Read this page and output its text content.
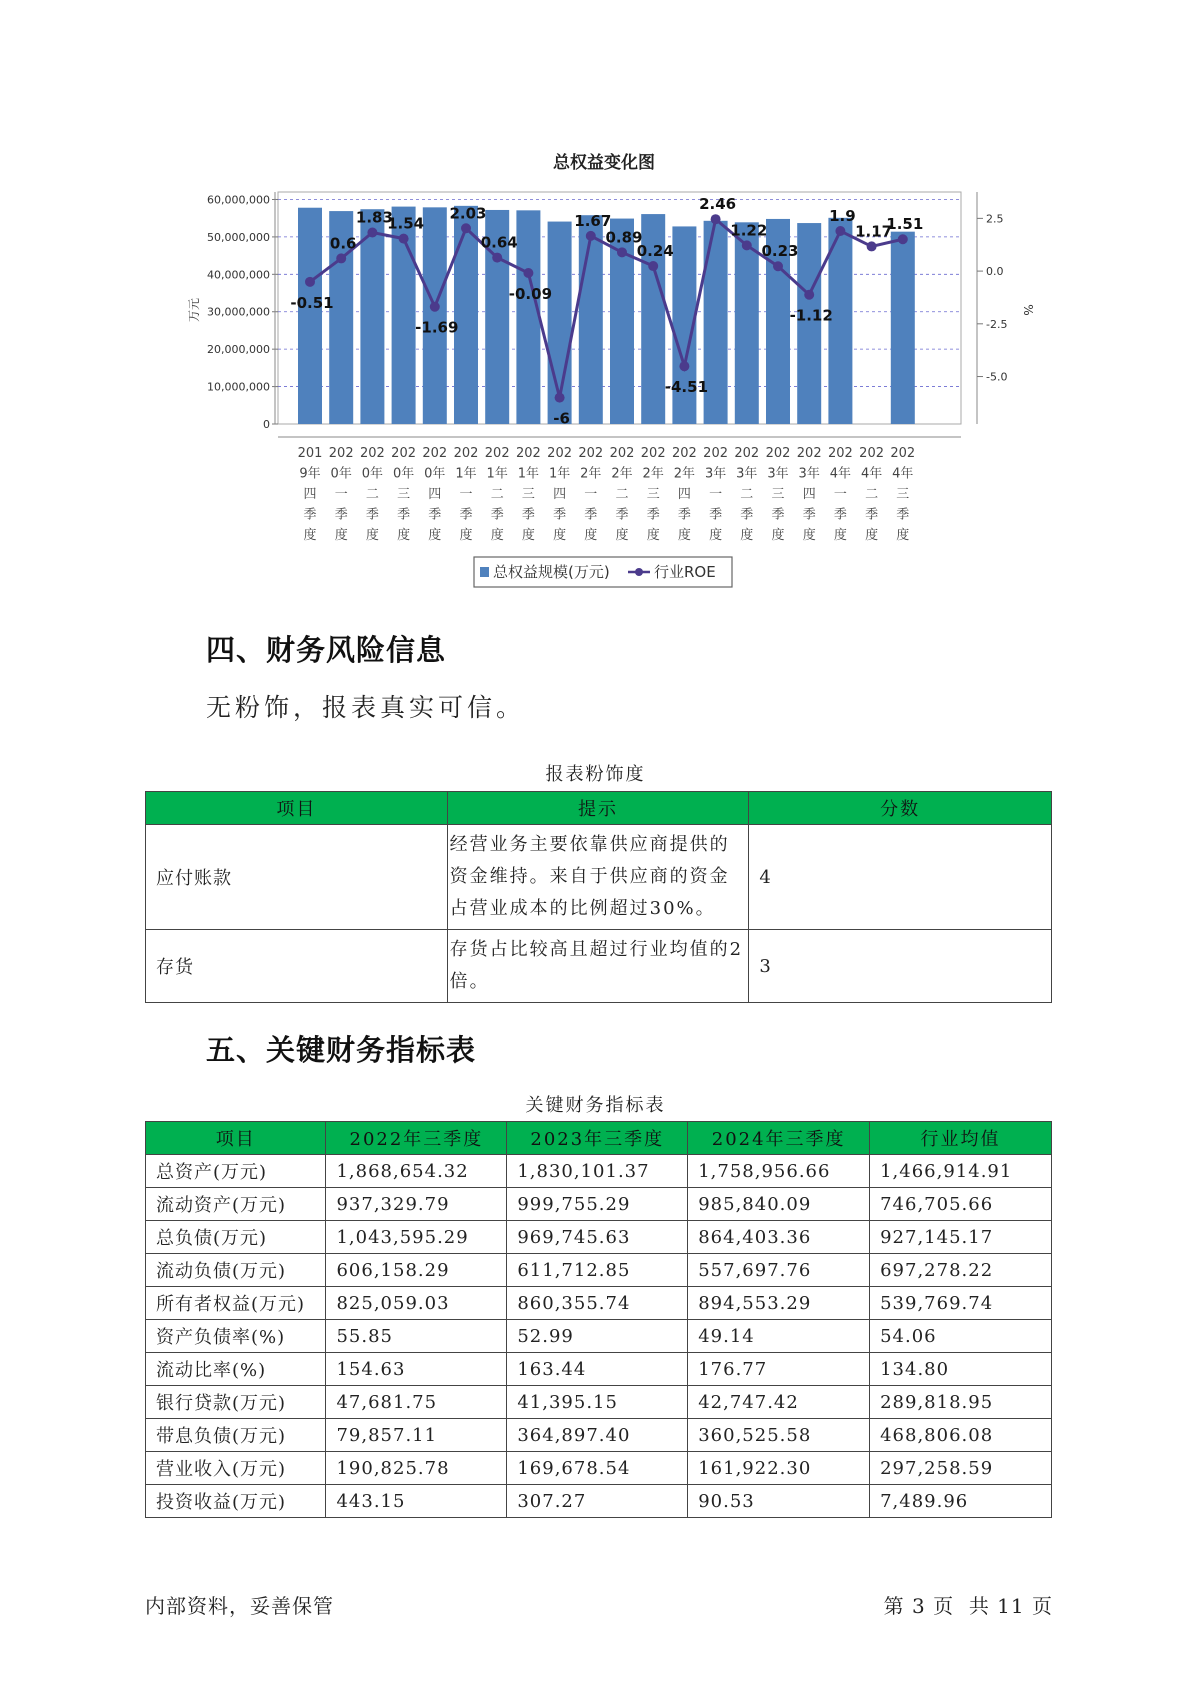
总权益变化图
60,000,000
50,000,000
40,000,000
30,000,000
20,000,000
10,000,000
0
2.5
0.0
-2.5
-5.0
万元	%
-0.51
0.6
1.83
1.54
-1.69
2.03
0.64
-0.09
-6
1.67
0.89
0.24
-4.51
2.46
1.22
0.23
-1.12
1.9
1.17
1.51
201
9年
四
季
度
202
0年
一
季
度
202
0年
二
季
度
202
0年
三
季
度
202
0年
四
季
度
202
1年
一
季
度
202
1年
二
季
度
202
1年
三
季
度
202
1年
四
季
度
202
2年
一
季
度
202
2年
二
季
度
202
2年
三
季
度
202
2年
四
季
度
202
3年
一
季
度
202
3年
二
季
度
202
3年
三
季
度
202
3年
四
季
度
202
4年
一
季
度
202
4年
二
季
度
202
4年
三
季
度
总权益规模(万元)	行业ROE
四、财务风险信息
无粉饰，报表真实可信。
报表粉饰度
项目	提示	分数
应付账款	经营业务主要依靠供应商提供的资金维持。来自于供应商的资金占营业成本的比例超过30%。	4
存货	存货占比较高且超过行业均值的2倍。	3
五、关键财务指标表
关键财务指标表
项目	2022年三季度	2023年三季度	2024年三季度	行业均值
总资产(万元)	1,868,654.32	1,830,101.37	1,758,956.66	1,466,914.91
流动资产(万元)	937,329.79	999,755.29	985,840.09	746,705.66
总负债(万元)	1,043,595.29	969,745.63	864,403.36	927,145.17
流动负债(万元)	606,158.29	611,712.85	557,697.76	697,278.22
所有者权益(万元)	825,059.03	860,355.74	894,553.29	539,769.74
资产负债率(%)	55.85	52.99	49.14	54.06
流动比率(%)	154.63	163.44	176.77	134.80
银行贷款(万元)	47,681.75	41,395.15	42,747.42	289,818.95
带息负债(万元)	79,857.11	364,897.40	360,525.58	468,806.08
营业收入(万元)	190,825.78	169,678.54	161,922.30	297,258.59
投资收益(万元)	443.15	307.27	90.53	7,489.96
内部资料，妥善保管	第 3 页  共 11 页
